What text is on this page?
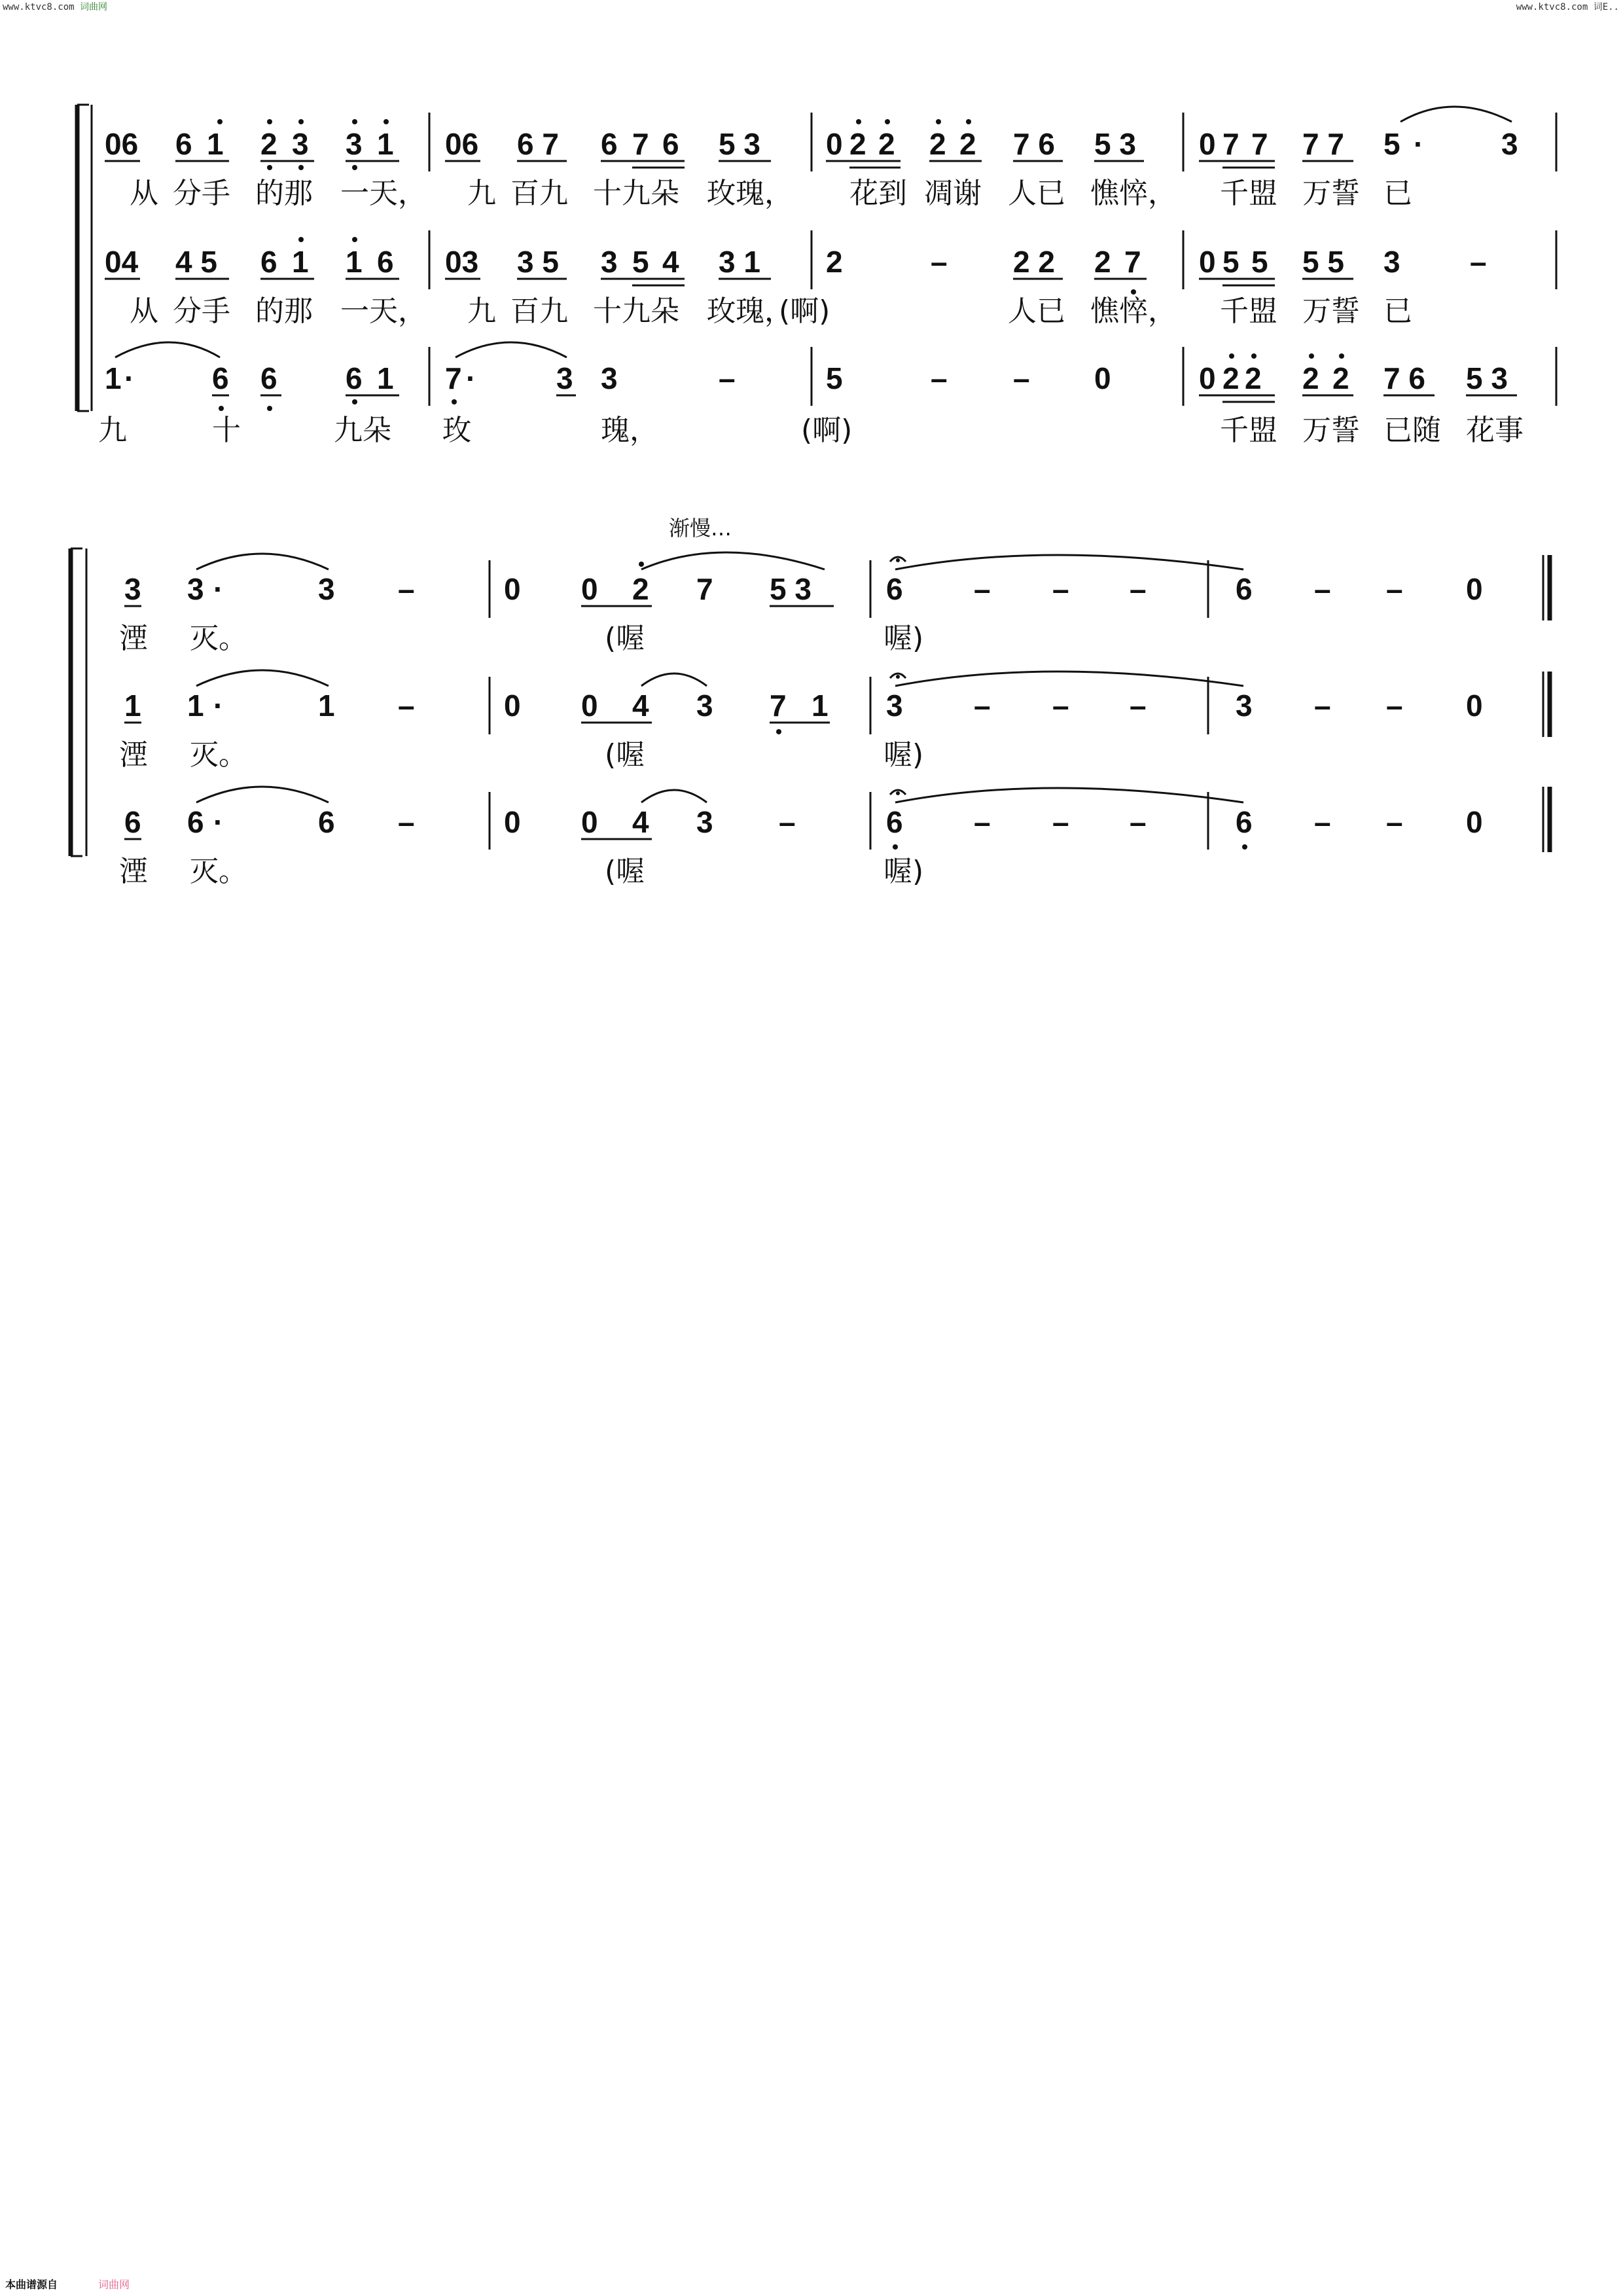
www.ktvc8.com 词曲网	www.ktvc8.com 词E..
06 6 1 2 3 3 1 06 6 7 6 7 6 5 3 0 2 2 2 2 7 6 5 3 0 7 7 7 7 5 ·	3
从 分手 的那 一天， 九 百九 十九朵 玫瑰， 花到 凋谢 人已 憔悴， 千盟 万誓 已
04 4 5 6 1 1 6 03 3 5 3 5 4 3 1 2	– 2 2 2 7 0 5 5 5 5 3 –
从 分手 的那 一天， 九 百九 十九朵 玫瑰，
(啊)	人已 憔悴， 千盟 万誓 已
1 ·	6 6 6 1 7 ·	3 3	–	5	– – 0	0 2 2 2 2 7 6 5 3
九	十	九朵 玫	瑰，	(啊)	千盟 万誓 已随 花事
渐慢…
3 3 ·	3 –	0 0 2 7 5 3 6 – – –	6 – – 0
湮 灭。	(喔	喔)
1 1 ·	1 –	0 0 4 3 7 1 3 – – –	3 – – 0
湮 灭。	(喔	喔)
6 6 ·	6 –	0 0 4 3 –	6 – – –	6 – – 0
湮 灭。	(喔	喔)
本曲谱源自	词曲网
